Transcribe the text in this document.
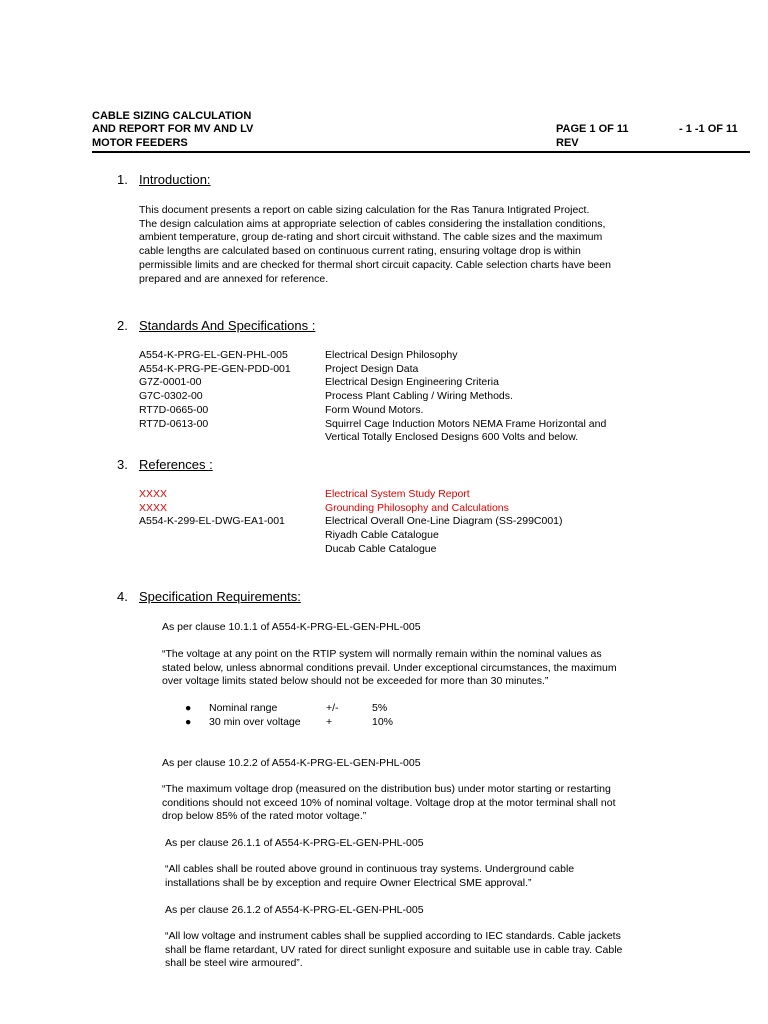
CABLE SIZING CALCULATION
AND REPORT FOR MV AND LV
MOTOR FEEDERS
PAGE 1 OF 11
REV
- 1 -1 OF 11
1. Introduction:
This document presents a report on cable sizing calculation for the Ras Tanura Intigrated Project.
The design calculation aims at appropriate selection of cables considering the installation conditions,
ambient temperature, group de-rating and short circuit withstand. The cable sizes and the maximum
cable lengths are calculated based on continuous current rating, ensuring voltage drop is within
permissible limits and are checked for thermal short circuit capacity. Cable selection charts have been
prepared and are annexed for reference.
2. Standards And Specifications :
A554-K-PRG-EL-GEN-PHL-005	Electrical Design Philosophy
A554-K-PRG-PE-GEN-PDD-001	Project Design Data
G7Z-0001-00	Electrical Design Engineering Criteria
G7C-0302-00	Process Plant Cabling / Wiring Methods.
RT7D-0665-00	Form Wound Motors.
RT7D-0613-00	Squirrel Cage Induction Motors NEMA Frame Horizontal and
Vertical Totally Enclosed Designs 600 Volts and below.
3. References :
XXXX	Electrical System Study Report
XXXX	Grounding Philosophy and Calculations
A554-K-299-EL-DWG-EA1-001	Electrical Overall One-Line Diagram (SS-299C001)
Riyadh Cable Catalogue
Ducab Cable Catalogue
4. Specification Requirements:
As per clause 10.1.1 of A554-K-PRG-EL-GEN-PHL-005
“The voltage at any point on the RTIP system will normally remain within the nominal values as
stated below, unless abnormal conditions prevail. Under exceptional circumstances, the maximum
over voltage limits stated below should not be exceeded for more than 30 minutes.”
● Nominal range	+/-	5%
● 30 min over voltage +	10%
As per clause 10.2.2 of A554-K-PRG-EL-GEN-PHL-005
“The maximum voltage drop (measured on the distribution bus) under motor starting or restarting
conditions should not exceed 10% of nominal voltage. Voltage drop at the motor terminal shall not
drop below 85% of the rated motor voltage.”
As per clause 26.1.1 of A554-K-PRG-EL-GEN-PHL-005
“All cables shall be routed above ground in continuous tray systems. Underground cable
installations shall be by exception and require Owner Electrical SME approval.”
As per clause 26.1.2 of A554-K-PRG-EL-GEN-PHL-005
“All low voltage and instrument cables shall be supplied according to IEC standards. Cable jackets
shall be flame retardant, UV rated for direct sunlight exposure and suitable use in cable tray. Cable
shall be steel wire armoured”.
